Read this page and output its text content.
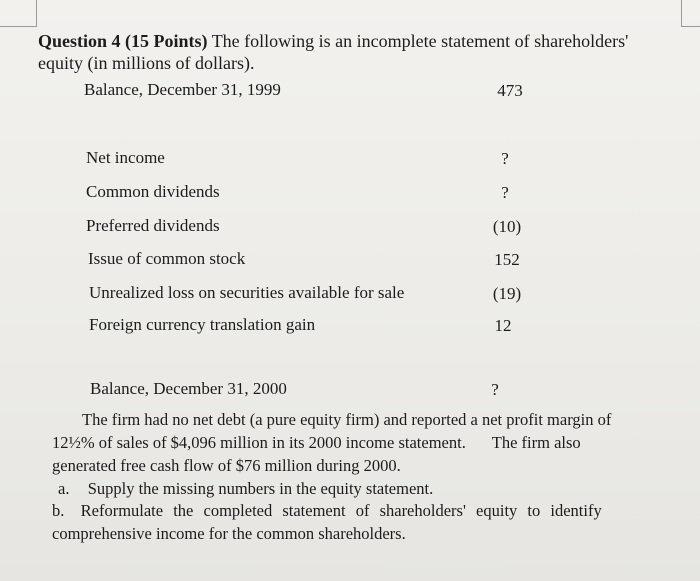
Question 4 (15 Points) The following is an incomplete statement of shareholders'
equity (in millions of dollars).
Balance, December 31, 1999	473
Net income	?
Common dividends	?
Preferred dividends	(10)
Issue of common stock	152
Unrealized loss on securities available for sale	(19)
Foreign currency translation gain	12
Balance, December 31, 2000	?
The firm had no net debt (a pure equity firm) and reported a net profit margin of
12½% of sales of $4,096 million in its 2000 income statement. The firm also
generated free cash flow of $76 million during 2000.
a. Supply the missing numbers in the equity statement.
b. Reformulate the completed statement of shareholders' equity to identify
comprehensive income for the common shareholders.
